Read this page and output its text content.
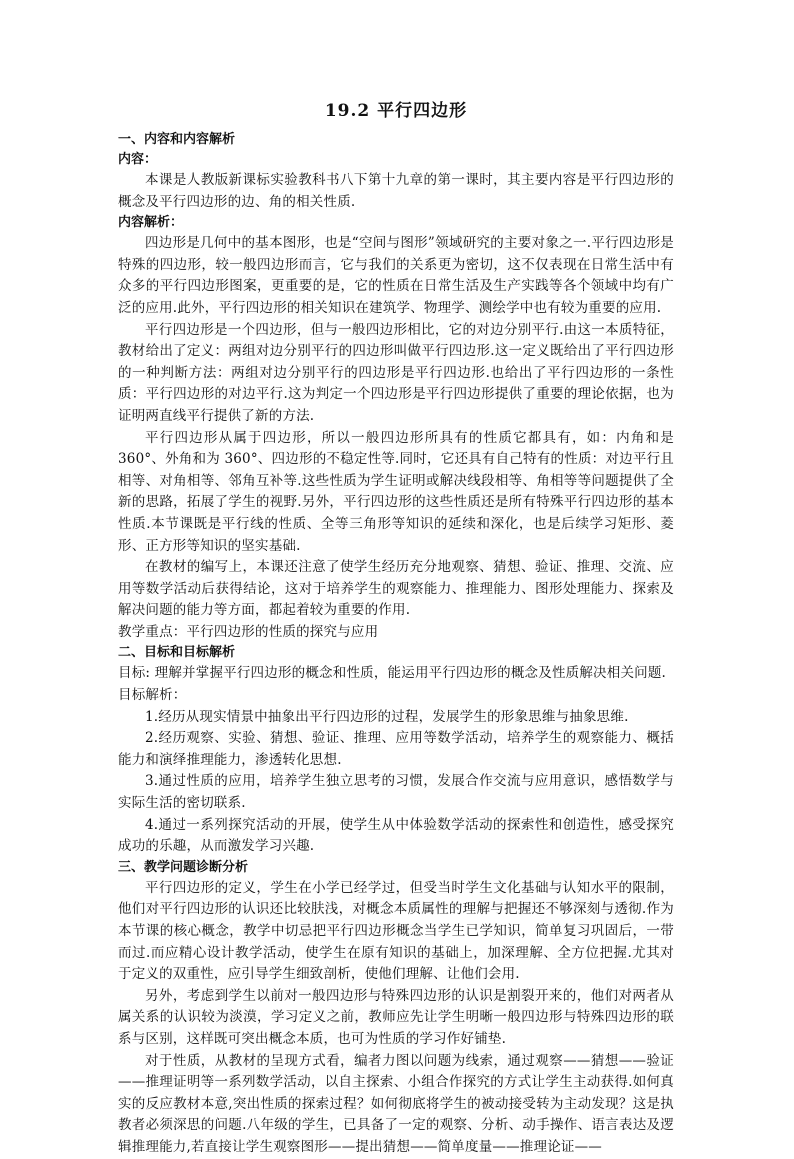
19.2 平行四边形
一、内容和内容解析
内容：

本课是人教版新课标实验教科书八下第十九章的第一课时，其主要内容是平行四边形的概念及平行四边形的边、角的相关性质.

内容解析：

四边形是几何中的基本图形，也是“空间与图形”领域研究的主要对象之一.平行四边形是特殊的四边形，较一般四边形而言，它与我们的关系更为密切，这不仅表现在日常生活中有众多的平行四边形图案，更重要的是，它的性质在日常生活及生产实践等各个领域中均有广泛的应用.此外，平行四边形的相关知识在建筑学、物理学、测绘学中也有较为重要的应用.

平行四边形是一个四边形，但与一般四边形相比，它的对边分别平行.由这一本质特征，教材给出了定义：两组对边分别平行的四边形叫做平行四边形.这一定义既给出了平行四边形的一种判断方法：两组对边分别平行的四边形是平行四边形.也给出了平行四边形的一条性质：平行四边形的对边平行.这为判定一个四边形是平行四边形提供了重要的理论依据，也为证明两直线平行提供了新的方法.

平行四边形从属于四边形，所以一般四边形所具有的性质它都具有，如：内角和是 360°、外角和为 360°、四边形的不稳定性等.同时，它还具有自己特有的性质：对边平行且相等、对角相等、邻角互补等.这些性质为学生证明或解决线段相等、角相等等问题提供了全新的思路，拓展了学生的视野.另外，平行四边形的这些性质还是所有特殊平行四边形的基本性质.本节课既是平行线的性质、全等三角形等知识的延续和深化，也是后续学习矩形、菱形、正方形等知识的坚实基础.

在教材的编写上，本课还注意了使学生经历充分地观察、猜想、验证、推理、交流、应用等数学活动后获得结论，这对于培养学生的观察能力、推理能力、图形处理能力、探索及解决问题的能力等方面，都起着较为重要的作用.

教学重点：平行四边形的性质的探究与应用

二、目标和目标解析

目标: 理解并掌握平行四边形的概念和性质，能运用平行四边形的概念及性质解决相关问题.

目标解析：

1.经历从现实情景中抽象出平行四边形的过程，发展学生的形象思维与抽象思维.

2.经历观察、实验、猜想、验证、推理、应用等数学活动，培养学生的观察能力、概括能力和演绎推理能力，渗透转化思想.

3.通过性质的应用，培养学生独立思考的习惯，发展合作交流与应用意识，感悟数学与实际生活的密切联系.

4.通过一系列探究活动的开展，使学生从中体验数学活动的探索性和创造性，感受探究成功的乐趣，从而激发学习兴趣.

三、教学问题诊断分析

平行四边形的定义，学生在小学已经学过，但受当时学生文化基础与认知水平的限制，他们对平行四边形的认识还比较肤浅，对概念本质属性的理解与把握还不够深刻与透彻.作为本节课的核心概念，教学中切忌把平行四边形概念当学生已学知识，简单复习巩固后，一带而过.而应精心设计教学活动，使学生在原有知识的基础上，加深理解、全方位把握.尤其对于定义的双重性，应引导学生细致剖析，使他们理解、让他们会用.

另外，考虑到学生以前对一般四边形与特殊四边形的认识是割裂开来的，他们对两者从属关系的认识较为淡漠，学习定义之前，教师应先让学生明晰一般四边形与特殊四边形的联系与区别，这样既可突出概念本质，也可为性质的学习作好铺垫.

对于性质，从教材的呈现方式看，编者力图以问题为线索，通过观察——猜想——验证——推理证明等一系列数学活动，以自主探索、小组合作探究的方式让学生主动获得.如何真实的反应教材本意,突出性质的探索过程？如何彻底将学生的被动接受转为主动发现？这是执教者必须深思的问题.八年级的学生，已具备了一定的观察、分析、动手操作、语言表达及逻辑推理能力,若直接让学生观察图形——提出猜想——简单度量——推理论证——
